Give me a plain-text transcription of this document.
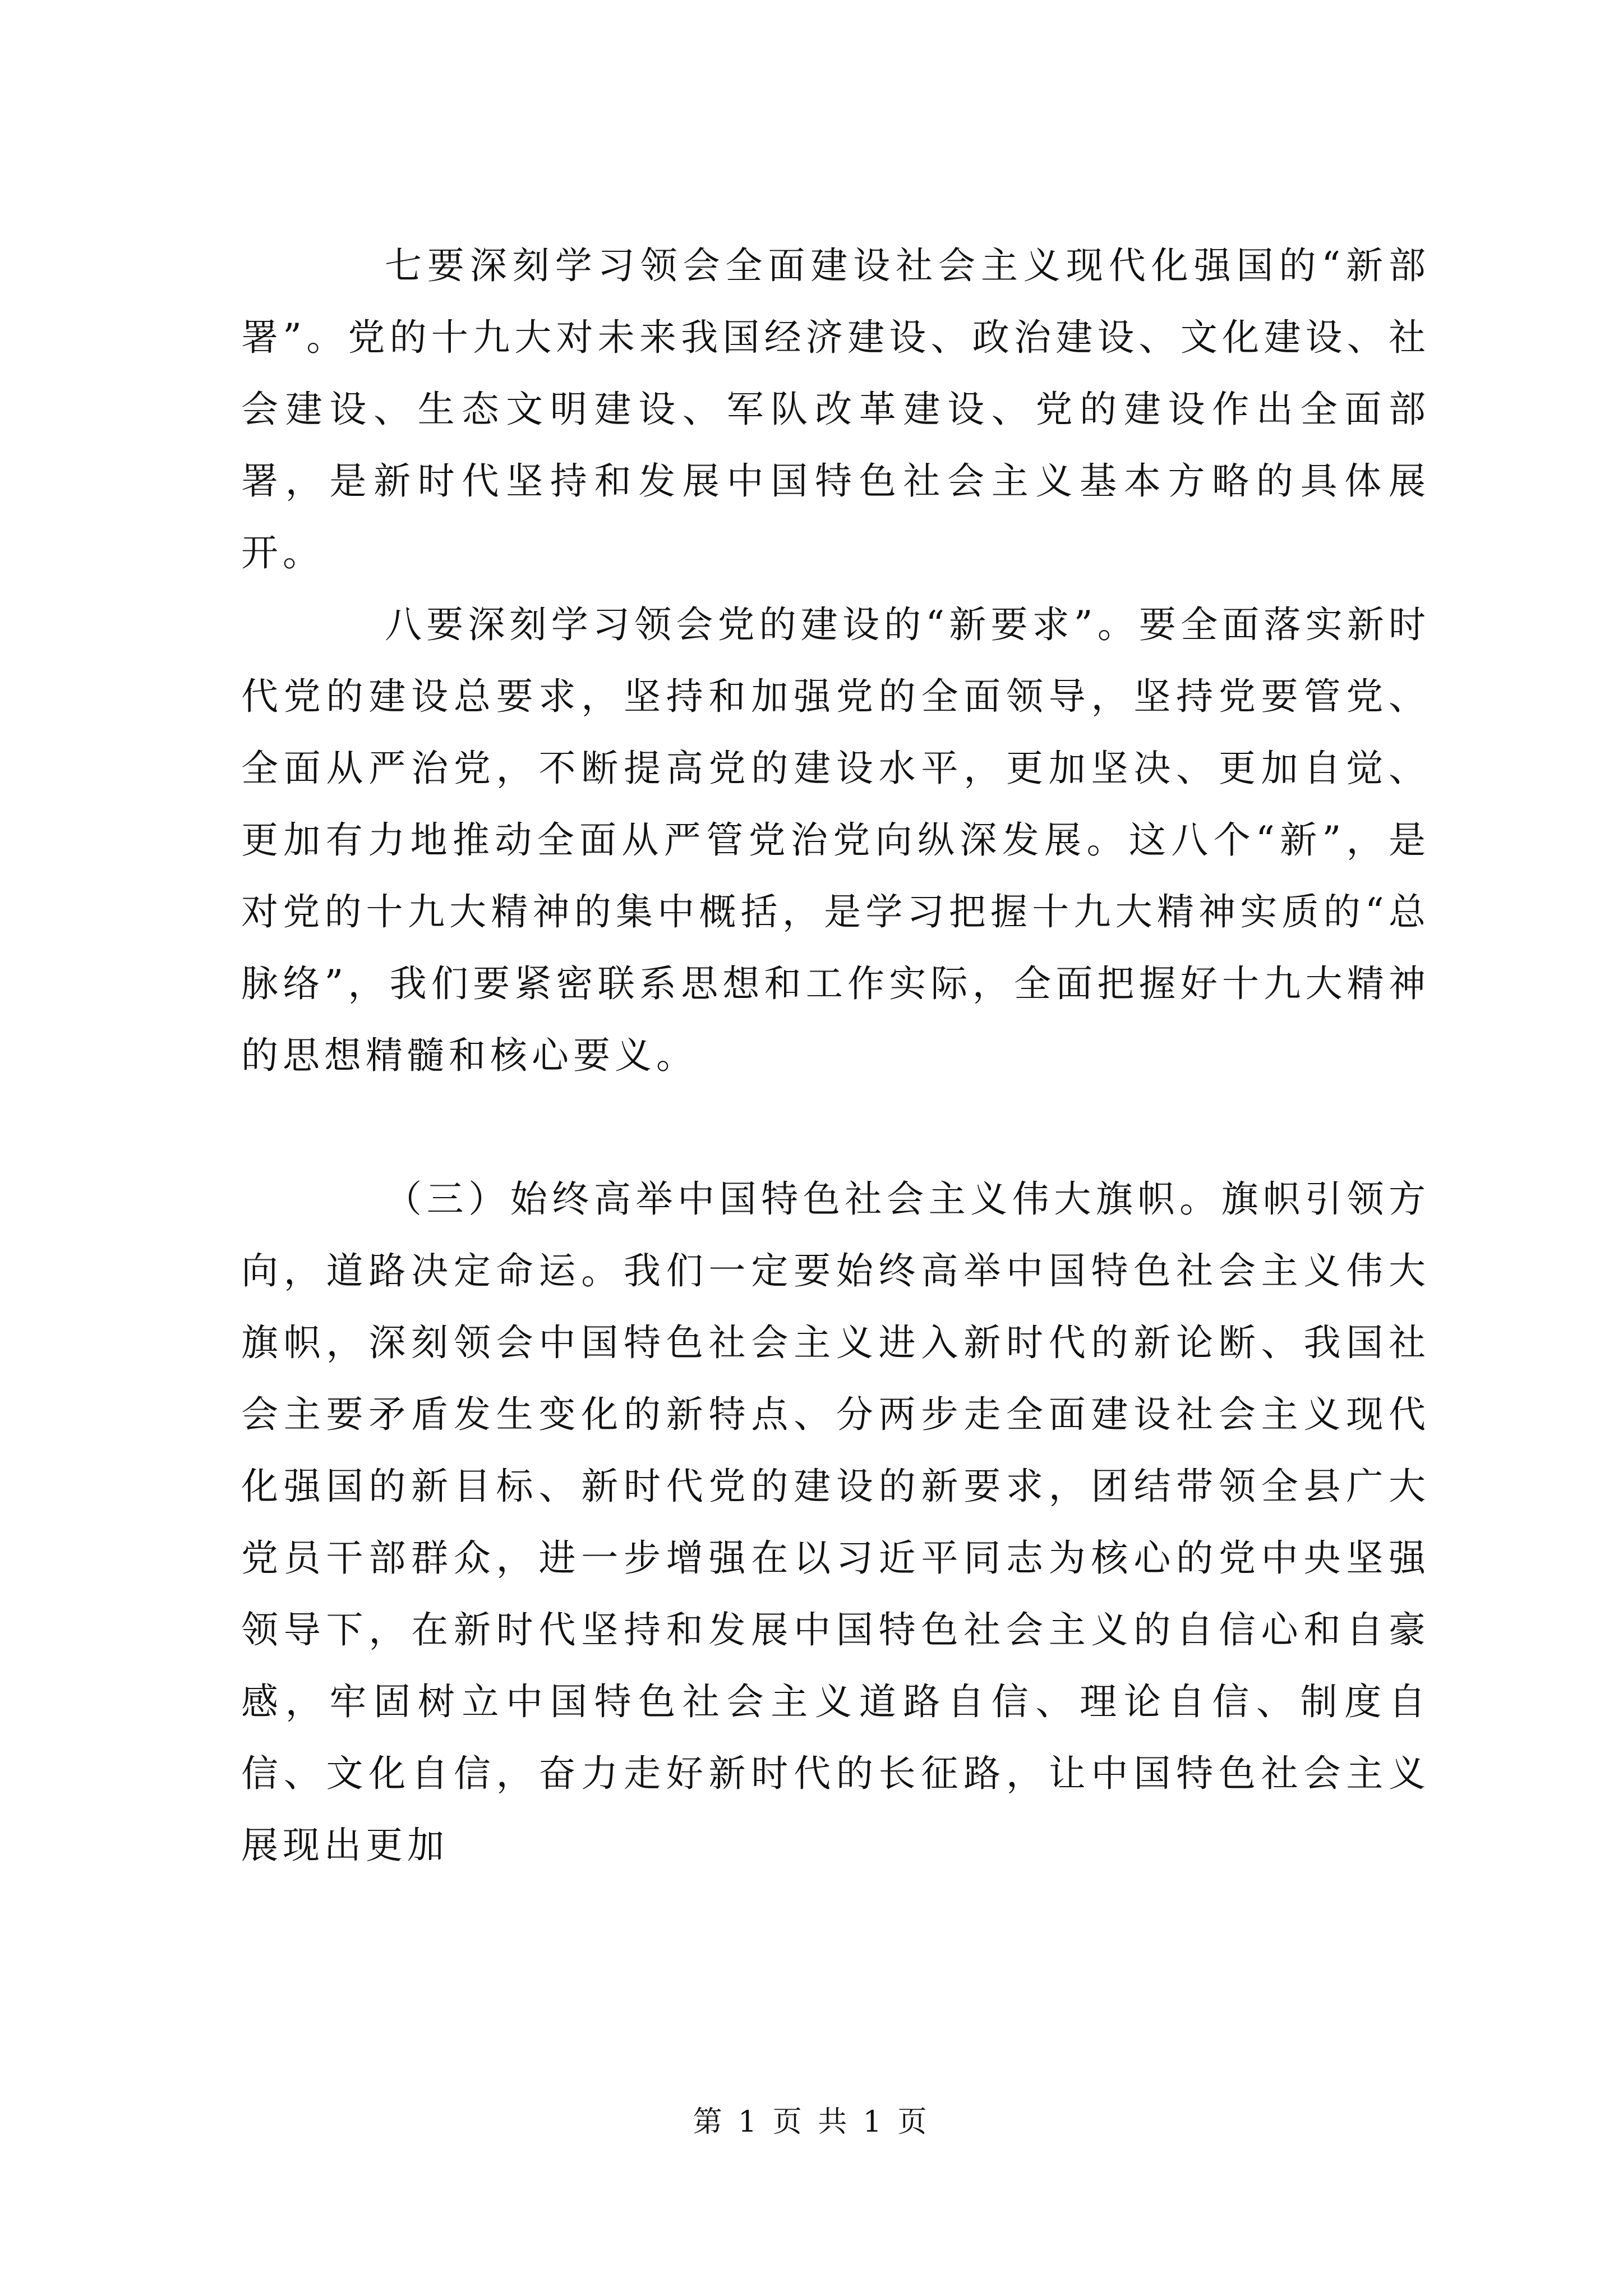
七要深刻学习领会全面建设社会主义现代化强国的“新部署”。党的十九大对未来我国经济建设、政治建设、文化建设、社会建设、生态文明建设、军队改革建设、党的建设作出全面部署，是新时代坚持和发展中国特色社会主义基本方略的具体展开。

八要深刻学习领会党的建设的“新要求”。要全面落实新时代党的建设总要求，坚持和加强党的全面领导，坚持党要管党、全面从严治党，不断提高党的建设水平，更加坚决、更加自觉、更加有力地推动全面从严管党治党向纵深发展。这八个“新”，是对党的十九大精神的集中概括，是学习把握十九大精神实质的“总脉络”，我们要紧密联系思想和工作实际，全面把握好十九大精神的思想精髓和核心要义。

（三）始终高举中国特色社会主义伟大旗帜。旗帜引领方向，道路决定命运。我们一定要始终高举中国特色社会主义伟大旗帜，深刻领会中国特色社会主义进入新时代的新论断、我国社会主要矛盾发生变化的新特点、分两步走全面建设社会主义现代化强国的新目标、新时代党的建设的新要求，团结带领全县广大党员干部群众，进一步增强在以习近平同志为核心的党中央坚强领导下，在新时代坚持和发展中国特色社会主义的自信心和自豪感，牢固树立中国特色社会主义道路自信、理论自信、制度自信、文化自信，奋力走好新时代的长征路，让中国特色社会主义展现出更加

第 1 页 共 1 页
